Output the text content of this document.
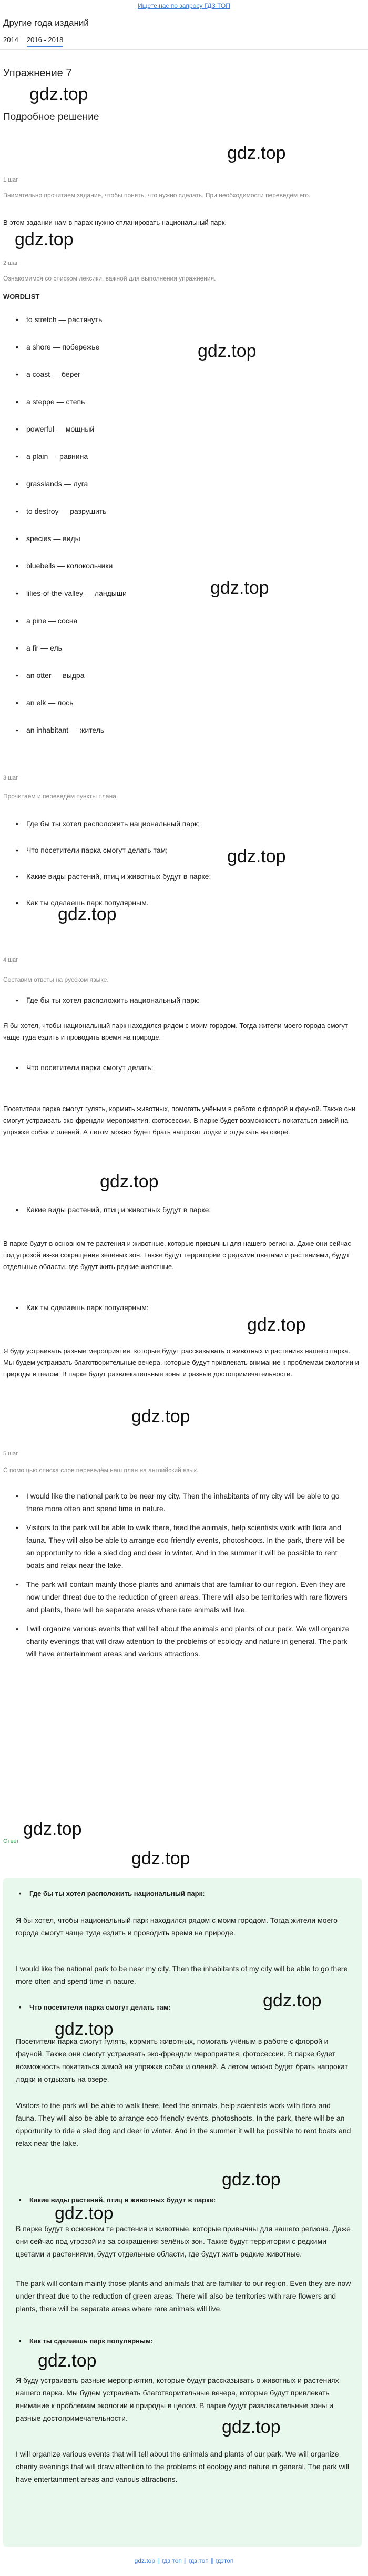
Ищете нас по запросу ГДЗ ТОП
Другие года изданий
2014 2016 - 2018
Упражнение 7
gdz.top
Подробное решение
gdz.top
1 шаг
Внимательно прочитаем задание, чтобы понять, что нужно сделать. При необходимости переведём его.

В этом задании нам в парах нужно спланировать национальный парк.

gdz.top
2 шаг
Ознакомимся со списком лексики, важной для выполнения упражнения.
WORDLIST
• to stretch — растянуть
• a shore — побережье
• a coast — берег
• a steppe — степь
• powerful — мощный
• a plain — равнина
• grasslands — луга
• to destroy — разрушить
• species — виды
• bluebells — колокольчики
• lilies-of-the-valley — ландыши
• a pine — сосна
• a fir — ель
• an otter — выдра
• an elk — лось
• an inhabitant — житель
gdz.top
gdz.top
3 шаг
Прочитаем и переведём пункты плана.
• Где бы ты хотел расположить национальный парк;
• Что посетители парка смогут делать там;
• Какие виды растений, птиц и животных будут в парке;
• Как ты сделаешь парк популярным.
gdz.top
gdz.top
4 шаг
Составим ответы на русском языке.
• Где бы ты хотел расположить национальный парк:

Я бы хотел, чтобы национальный парк находился рядом с моим городом. Тогда жители моего города смогут чаще туда ездить и проводить время на природе.

• Что посетители парка смогут делать:

Посетители парка смогут гулять, кормить животных, помогать учёным в работе с флорой и фауной. Также они смогут устраивать эко-френдли мероприятия, фотосессии. В парке будет возможность покататься зимой на упряжке собак и оленей. А летом можно будет брать напрокат лодки и отдыхать на озере.

gdz.top
• Какие виды растений, птиц и животных будут в парке:

В парке будут в основном те растения и животные, которые привычны для нашего региона. Даже они сейчас под угрозой из-за сокращения зелёных зон. Также будут территории с редкими цветами и растениями, будут отдельные области, где будут жить редкие животные.

• Как ты сделаешь парк популярным:
gdz.top

Я буду устраивать разные мероприятия, которые будут рассказывать о животных и растениях нашего парка. Мы будем устраивать благотворительные вечера, которые будут привлекать внимание к проблемам экологии и природы в целом. В парке будут развлекательные зоны и разные достопримечательности.

gdz.top
5 шаг
С помощью списка слов переведём наш план на английский язык.
• I would like the national park to be near my city. Then the inhabitants of my city will be able to go there more often and spend time in nature.
• Visitors to the park will be able to walk there, feed the animals, help scientists work with flora and fauna. They will also be able to arrange eco-friendly events, photoshoots. In the park, there will be an opportunity to ride a sled dog and deer in winter. And in the summer it will be possible to rent boats and relax near the lake.
• The park will contain mainly those plants and animals that are familiar to our region. Even they are now under threat due to the reduction of green areas. There will also be territories with rare flowers and plants, there will be separate areas where rare animals will live.
• I will organize various events that will tell about the animals and plants of our park. We will organize charity evenings that will draw attention to the problems of ecology and nature in general. The park will have entertainment areas and various attractions.
gdz.top
Ответ
gdz.top
• Где бы ты хотел расположить национальный парк:

Я бы хотел, чтобы национальный парк находился рядом с моим городом. Тогда жители моего города смогут чаще туда ездить и проводить время на природе.

I would like the national park to be near my city. Then the inhabitants of my city will be able to go there more often and spend time in nature.

• Что посетители парка смогут делать там:
gdz.top
gdz.top

Посетители парка смогут гулять, кормить животных, помогать учёным в работе с флорой и фауной. Также они смогут устраивать эко-френдли мероприятия, фотосессии. В парке будет возможность покататься зимой на упряжке собак и оленей. А летом можно будет брать напрокат лодки и отдыхать на озере.

Visitors to the park will be able to walk there, feed the animals, help scientists work with flora and fauna. They will also be able to arrange eco-friendly events, photoshoots. In the park, there will be an opportunity to ride a sled dog and deer in winter. And in the summer it will be possible to rent boats and relax near the lake.

gdz.top
• Какие виды растений, птиц и животных будут в парке:
gdz.top

В парке будут в основном те растения и животные, которые привычны для нашего региона. Даже они сейчас под угрозой из-за сокращения зелёных зон. Также будут территории с редкими цветами и растениями, будут отдельные области, где будут жить редкие животные.

The park will contain mainly those plants and animals that are familiar to our region. Even they are now under threat due to the reduction of green areas. There will also be territories with rare flowers and plants, there will be separate areas where rare animals will live.

• Как ты сделаешь парк популярным:
gdz.top

Я буду устраивать разные мероприятия, которые будут рассказывать о животных и растениях нашего парка. Мы будем устраивать благотворительные вечера, которые будут привлекать внимание к проблемам экологии и природы в целом. В парке будут развлекательные зоны и разные достопримечательности.	gdz.top

I will organize various events that will tell about the animals and plants of our park. We will organize charity evenings that will draw attention to the problems of ecology and nature in general. The park will have entertainment areas and various attractions.

gdz.top ∥ гдз топ ∥ гдз.топ ∥ гдзтоп
